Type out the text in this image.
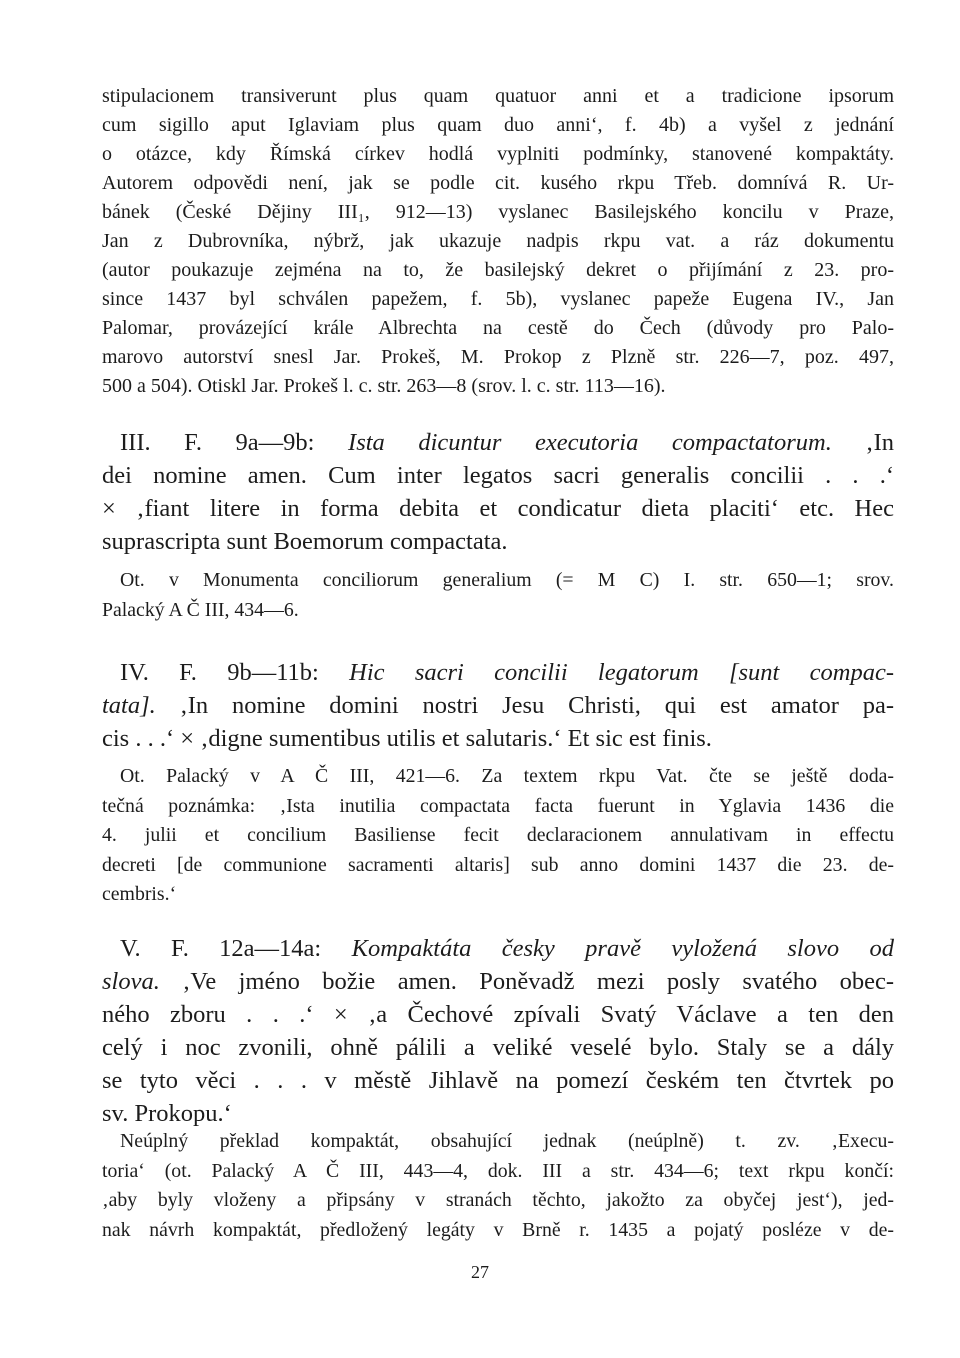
stipulacionem transiverunt plus quam quatuor anni et a tradicione ipsorum
cum sigillo aput Iglaviam plus quam duo anni‘, f. 4b) a vyšel z jednání
o otázce, kdy Římská církev hodlá vyplniti podmínky, stanovené kompaktáty.
Autorem odpovědi není, jak se podle cit. kusého rkpu Třeb. domnívá R. Ur-
bánek (České Dějiny III₁, 912—13) vyslanec Basilejského koncilu v Praze,
Jan z Dubrovníka, nýbrž, jak ukazuje nadpis rkpu vat. a ráz dokumentu
(autor poukazuje zejména na to, že basilejský dekret o přijímání z 23. pro-
since 1437 byl schválen papežem, f. 5b), vyslanec papeže Eugena IV., Jan
Palomar, provázející krále Albrechta na cestě do Čech (důvody pro Palo-
marovo autorství snesl Jar. Prokeš, M. Prokop z Plzně str. 226—7, poz. 497,
500 a 504). Otiskl Jar. Prokeš l. c. str. 263—8 (srov. l. c. str. 113—16).
III. F. 9a—9b: Ista dicuntur executoria compactatorum. ‚In
dei nomine amen. Cum inter legatos sacri generalis concilii . . .‘
× ‚fiant litere in forma debita et condicatur dieta placiti‘ etc. Hec
suprascripta sunt Boemorum compactata.
Ot. v Monumenta conciliorum generalium (= M C) I. str. 650—1; srov.
Palacký A Č III, 434—6.
IV. F. 9b—11b: Hic sacri concilii legatorum [sunt compac-
tata]. ‚In nomine domini nostri Jesu Christi, qui est amator pa-
cis . . .‘ × ‚digne sumentibus utilis et salutaris.‘ Et sic est finis.
Ot. Palacký v A Č III, 421—6. Za textem rkpu Vat. čte se ještě doda-
tečná poznámka: ‚Ista inutilia compactata facta fuerunt in Yglavia 1436 die
4. julii et concilium Basiliense fecit declaracionem annulativam in effectu
decreti [de communione sacramenti altaris] sub anno domini 1437 die 23. de-
cembris.‘
V. F. 12a—14a: Kompaktáta česky pravě vyložená slovo od
slova. ‚Ve jméno božie amen. Poněvadž mezi posly svatého obec-
ného zboru . . .‘ × ‚a Čechové zpívali Svatý Václave a ten den
celý i noc zvonili, ohně pálili a veliké veselé bylo. Staly se a dály
se tyto věci . . . v městě Jihlavě na pomezí českém ten čtvrtek po
sv. Prokopu.‘
Neúplný překlad kompaktát, obsahující jednak (neúplně) t. zv. ‚Execu-
toria‘ (ot. Palacký A Č III, 443—4, dok. III a str. 434—6; text rkpu končí:
‚aby byly vloženy a připsány v stranách těchto, jakožto za obyčej jest‘), jed-
nak návrh kompaktát, předložený legáty v Brně r. 1435 a pojatý posléze v de-
27
